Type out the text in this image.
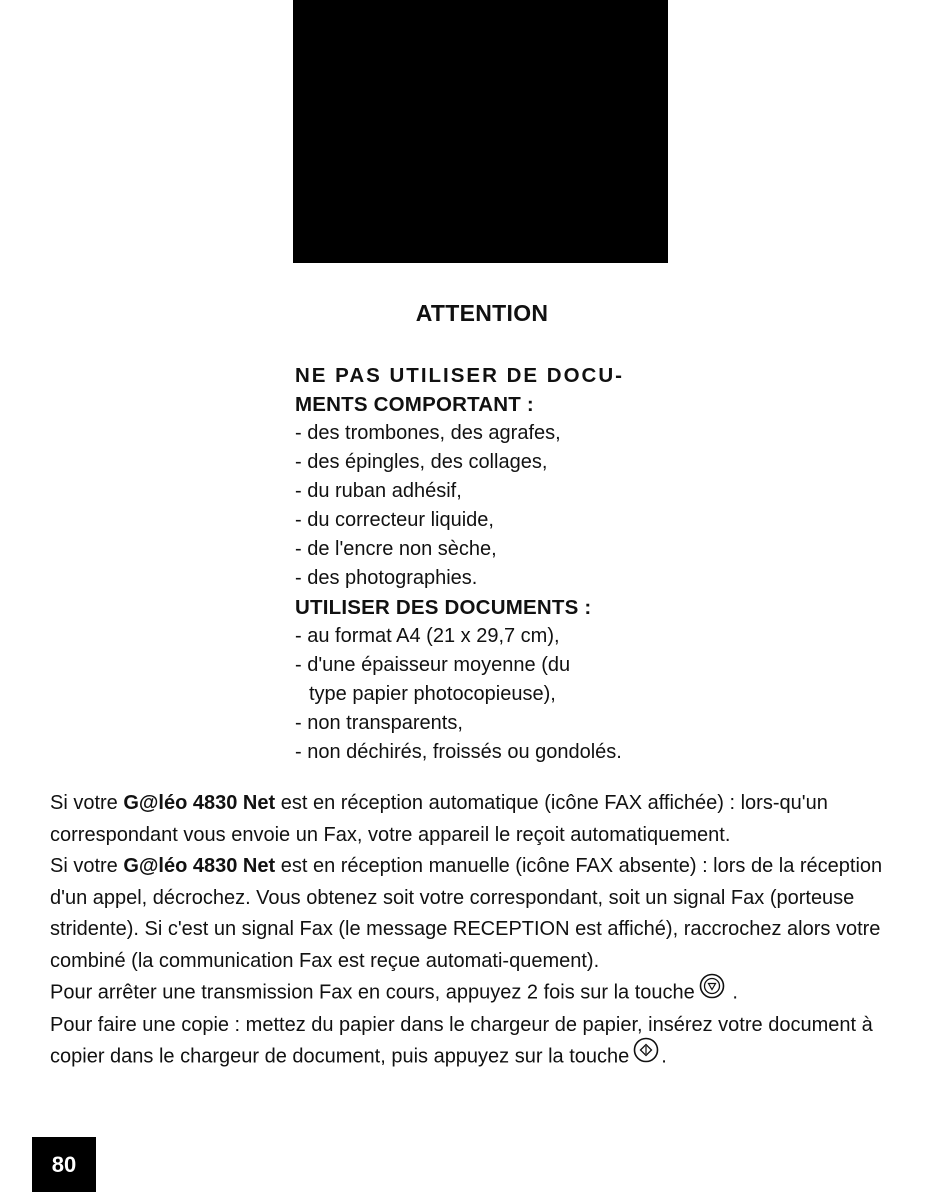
ATTENTION
NE PAS UTILISER DE DOCU-
MENTS COMPORTANT :
- des trombones, des agrafes,
- des épingles, des collages,
- du ruban adhésif,
- du correcteur liquide,
- de l'encre non sèche,
- des photographies.
UTILISER DES DOCUMENTS :
- au format A4 (21 x 29,7 cm),
- d'une épaisseur moyenne (du
type papier photocopieuse),
- non transparents,
- non déchirés, froissés ou gondolés.

Si votre G@léo 4830 Net est en réception automatique (icône FAX affichée) : lors-qu'un correspondant vous envoie un Fax, votre appareil le reçoit automatiquement.

Si votre G@léo 4830 Net est en réception manuelle (icône FAX absente) : lors de la réception d'un appel, décrochez. Vous obtenez soit votre correspondant, soit un signal Fax (porteuse stridente). Si c'est un signal Fax (le message RECEPTION est affiché), raccrochez alors votre combiné (la communication Fax est reçue automati-quement).

Pour arrêter une transmission Fax en cours, appuyez 2 fois sur la touche .

Pour faire une copie : mettez du papier dans le chargeur de papier, insérez votre document à copier dans le chargeur de document, puis appuyez sur la touche .

80
